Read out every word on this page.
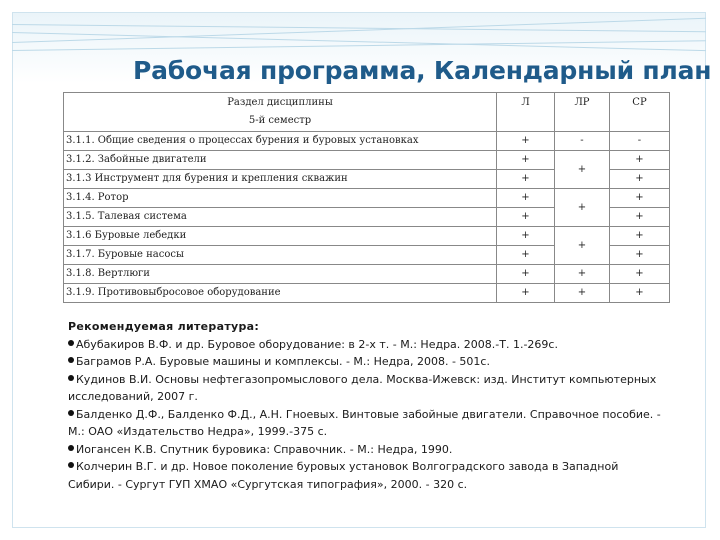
Рабочая программа, Календарный план
Раздел дисциплины
5-й семестр	Л	ЛР	СР
3.1.1. Общие сведения о процессах бурения и буровых установках	+	-	-
3.1.2. Забойные двигатели	+	+	+
3.1.3 Инструмент для бурения и крепления скважин	+		+
3.1.4. Ротор	+	+	+
3.1.5. Талевая система	+		+
3.1.6 Буровые лебедки	+	+	+
3.1.7. Буровые насосы	+		+
3.1.8. Вертлюги	+	+	+
3.1.9. Противовыбросовое оборудование	+	+	+
Рекомендуемая литература:
Абубакиров В.Ф. и др. Буровое оборудование: в 2-х т. - М.: Недра. 2008.-Т. 1.-269с.
Баграмов Р.А. Буровые машины и комплексы. - М.: Недра, 2008. - 501с.
Кудинов В.И. Основы нефтегазопромыслового дела. Москва-Ижевск: изд. Институт компьютерных исследований, 2007 г.
Балденко Д.Ф., Балденко Ф.Д., А.Н. Гноевых. Винтовые забойные двигатели. Справочное пособие. - М.: ОАО «Издательство Недра», 1999.-375 с.
Иогансен К.В. Спутник буровика: Справочник. - М.: Недра, 1990.
Колчерин В.Г. и др. Новое поколение буровых установок Волгоградского завода в Западной Сибири. - Сургут ГУП ХМАО «Сургутская типография», 2000. - 320 с.
